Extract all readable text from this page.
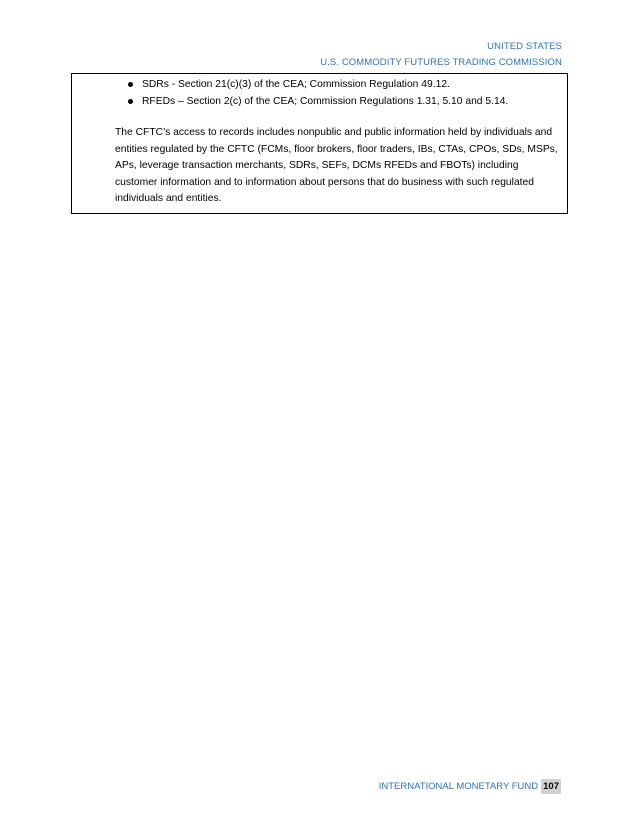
UNITED STATES
U.S. COMMODITY FUTURES TRADING COMMISSION
SDRs - Section 21(c)(3) of the CEA; Commission Regulation 49.12.
RFEDs – Section 2(c) of the CEA; Commission Regulations 1.31, 5.10 and 5.14.

The CFTC’s access to records includes nonpublic and public information held by individuals and entities regulated by the CFTC (FCMs, floor brokers, floor traders, IBs, CTAs, CPOs, SDs, MSPs, APs, leverage transaction merchants, SDRs, SEFs, DCMs RFEDs and FBOTs) including customer information and to information about persons that do business with such regulated individuals and entities.

INTERNATIONAL MONETARY FUND 107
